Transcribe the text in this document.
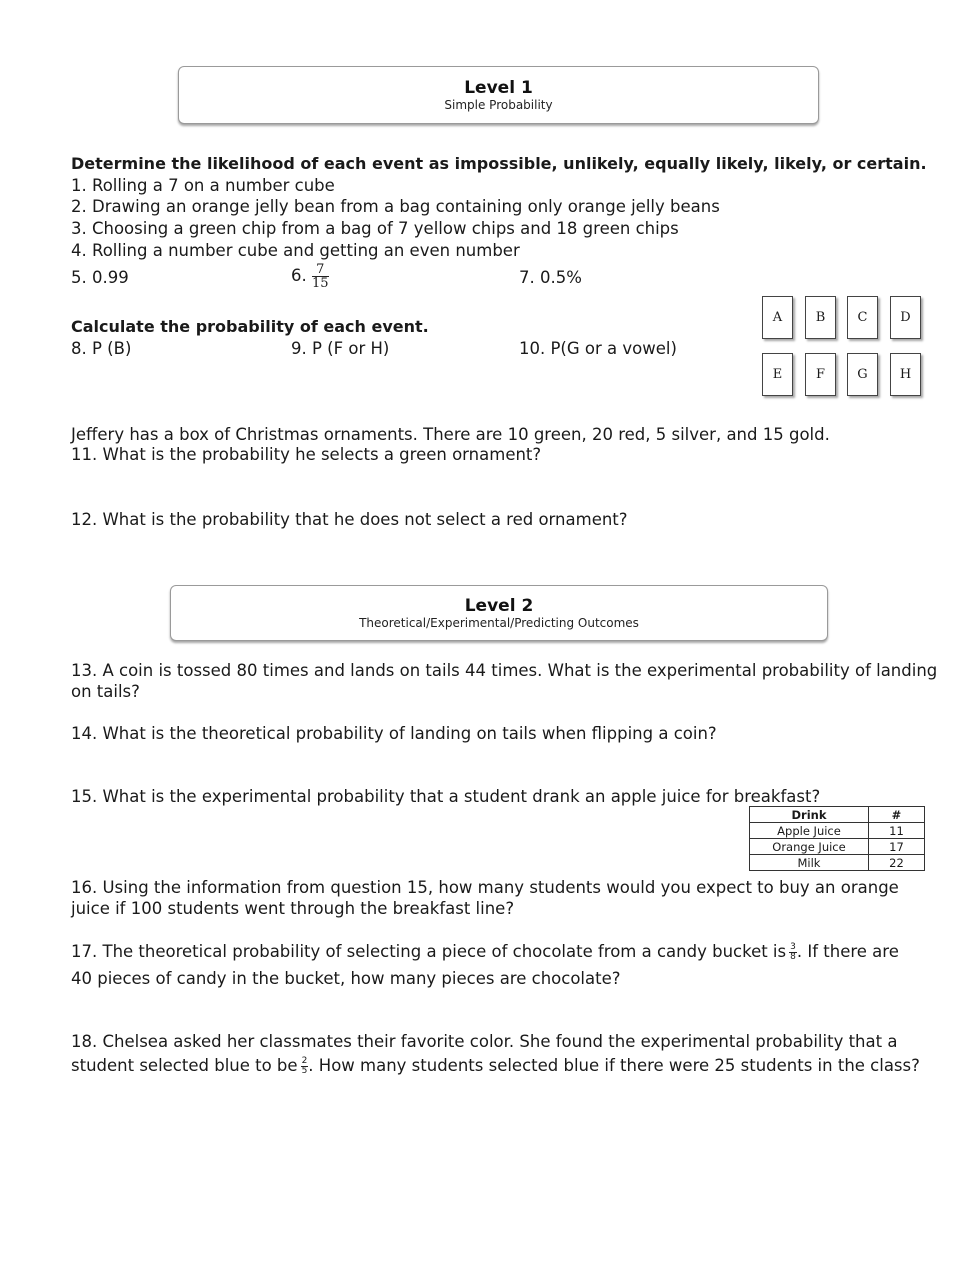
Level 1
Simple Probability
Determine the likelihood of each event as impossible, unlikely, equally likely, likely, or certain.
1. Rolling a 7 on a number cube
2. Drawing an orange jelly bean from a bag containing only orange jelly beans
3. Choosing a green chip from a bag of 7 yellow chips and 18 green chips
4. Rolling a number cube and getting an even number
5. 0.99	6. $\frac{7}{15}$	7. 0.5%
Calculate the probability of each event.
8. P (B)	9. P (F or H)	10. P(G or a vowel)
A	B	C	D
E	F	G	H
Jeffery has a box of Christmas ornaments. There are 10 green, 20 red, 5 silver, and 15 gold.
11. What is the probability he selects a green ornament?
12. What is the probability that he does not select a red ornament?
Level 2
Theoretical/Experimental/Predicting Outcomes
13. A coin is tossed 80 times and lands on tails 44 times. What is the experimental probability of landing
on tails?
14. What is the theoretical probability of landing on tails when flipping a coin?
15. What is the experimental probability that a student drank an apple juice for breakfast?
Drink	#
Apple Juice	11
Orange Juice	17
Milk	22
16. Using the information from question 15, how many students would you expect to buy an orange
juice if 100 students went through the breakfast line?
17. The theoretical probability of selecting a piece of chocolate from a candy bucket is $\frac{3}{8}$ . If there are
40 pieces of candy in the bucket, how many pieces are chocolate?
18. Chelsea asked her classmates their favorite color. She found the experimental probability that a
student selected blue to be $\frac{2}{5}$ . How many students selected blue if there were 25 students in the class?
